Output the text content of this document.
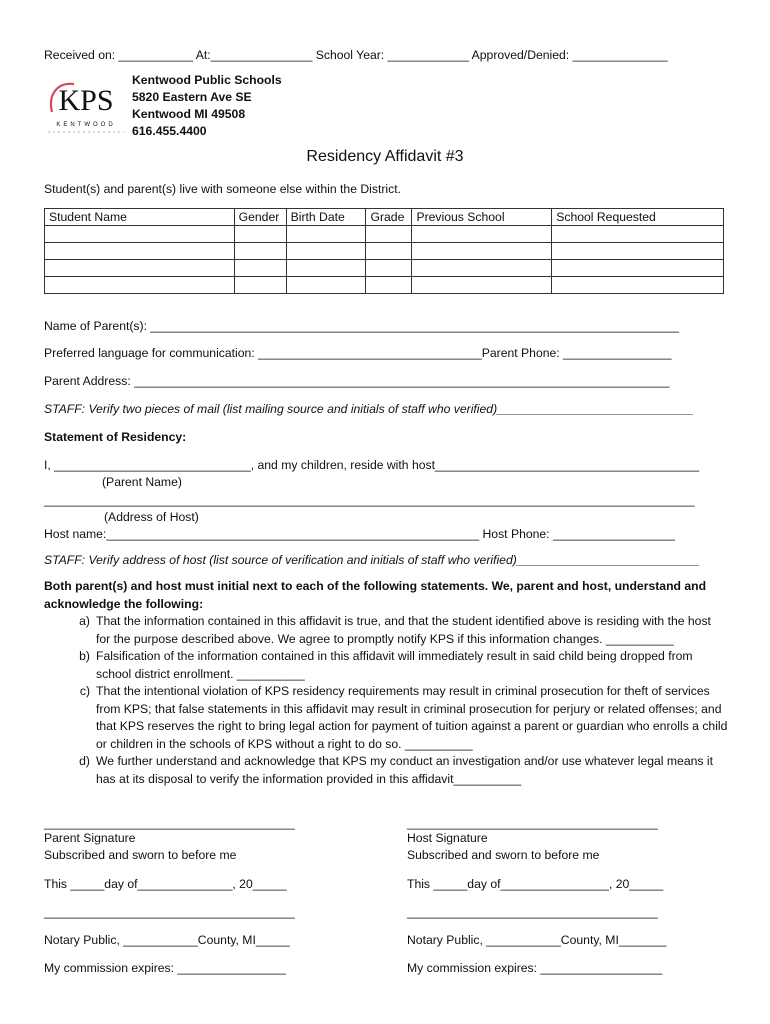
Received on: ___________ At:_______________ School Year: ____________ Approved/Denied: ______________
KPS
KENTWOOD
Kentwood Public Schools
5820 Eastern Ave SE
Kentwood MI 49508
616.455.4400
Residency Affidavit #3
Student(s) and parent(s) live with someone else within the District.
Student Name	Gender	Birth Date	Grade	Previous School	School Requested

Name of Parent(s): ______________________________________________________________________________
Preferred language for communication: _________________________________Parent Phone: ________________
Parent Address: _______________________________________________________________________________
STAFF: Verify two pieces of mail (list mailing source and initials of staff who verified)_____________________________
Statement of Residency:
I, _____________________________, and my children, reside with host_______________________________________
(Parent Name)
________________________________________________________________________________________________
(Address of Host)
Host name:_______________________________________________________ Host Phone: __________________
STAFF: Verify address of host (list source of verification and initials of staff who verified)___________________________
Both parent(s) and host must initial next to each of the following statements. We, parent and host, understand and acknowledge the following:
a) That the information contained in this affidavit is true, and that the student identified above is residing with the host for the purpose described above. We agree to promptly notify KPS if this information changes. __________
b) Falsification of the information contained in this affidavit will immediately result in said child being dropped from school district enrollment. __________
c) That the intentional violation of KPS residency requirements may result in criminal prosecution for theft of services from KPS; that false statements in this affidavit may result in criminal prosecution for perjury or related offenses; and that KPS reserves the right to bring legal action for payment of tuition against a parent or guardian who enrolls a child or children in the schools of KPS without a right to do so. __________
d) We further understand and acknowledge that KPS my conduct an investigation and/or use whatever legal means it has at its disposal to verify the information provided in this affidavit__________
_____________________________________
Parent Signature
Subscribed and sworn to before me
This _____day of______________, 20_____
_____________________________________
Notary Public, ___________County, MI_____
My commission expires: ________________
_____________________________________
Host Signature
Subscribed and sworn to before me
This _____day of________________, 20_____
_____________________________________
Notary Public, ___________County, MI_______
My commission expires: __________________
